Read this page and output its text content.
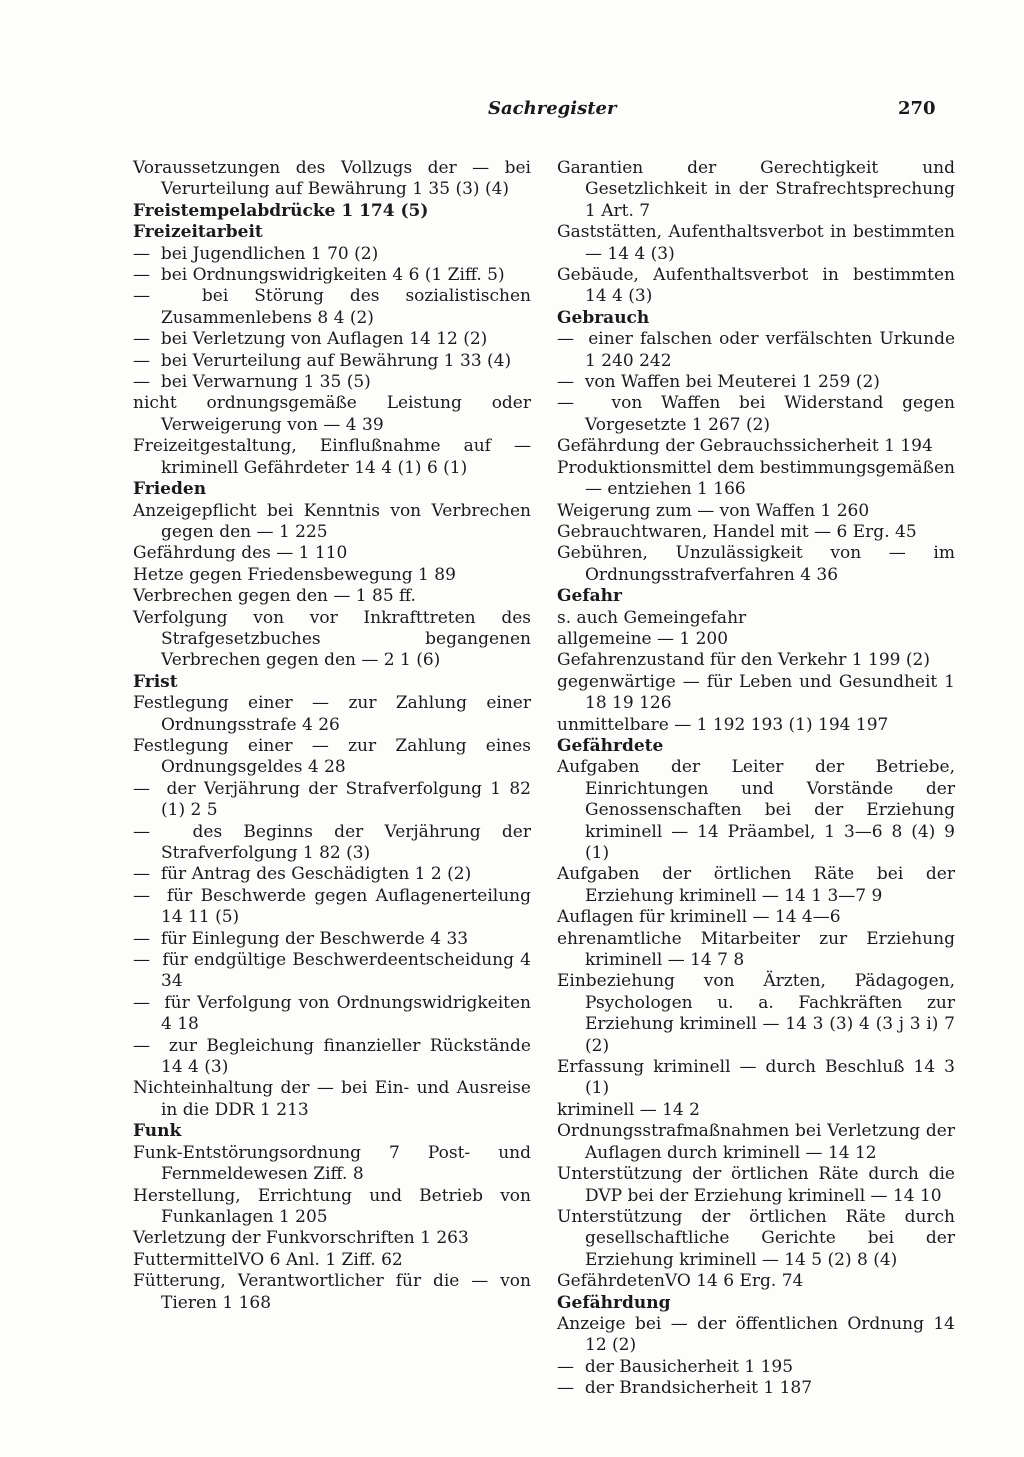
Sachregister	270

Voraussetzungen des Vollzugs der — bei Verurteilung auf Bewährung 1 35 (3) (4)

Freistempelabdrücke 1 174 (5)

Freizeitarbeit

—  bei Jugendlichen 1 70 (2)

—  bei Ordnungswidrigkeiten 4 6 (1 Ziff. 5)

—  bei Störung des sozialistischen Zusammenlebens 8 4 (2)

—  bei Verletzung von Auflagen 14 12 (2)

—  bei Verurteilung auf Bewährung 1 33 (4)

—  bei Verwarnung 1 35 (5)

nicht ordnungsgemäße Leistung oder Verweigerung von — 4 39

Freizeitgestaltung, Einflußnahme auf — kriminell Gefährdeter 14 4 (1) 6 (1)

Frieden

Anzeigepflicht bei Kenntnis von Verbrechen gegen den — 1 225

Gefährdung des — 1 110

Hetze gegen Friedensbewegung 1 89

Verbrechen gegen den — 1 85 ff.

Verfolgung von vor Inkrafttreten des Strafgesetzbuches begangenen Verbrechen gegen den — 2 1 (6)

Frist

Festlegung einer — zur Zahlung einer Ordnungsstrafe 4 26

Festlegung einer — zur Zahlung eines Ordnungsgeldes 4 28

—  der Verjährung der Strafverfolgung 1 82 (1) 2 5

—  des Beginns der Verjährung der Strafverfolgung 1 82 (3)

—  für Antrag des Geschädigten 1 2 (2)

—  für Beschwerde gegen Auflagenerteilung 14 11 (5)

—  für Einlegung der Beschwerde 4 33

—  für endgültige Beschwerdeentscheidung 4 34

—  für Verfolgung von Ordnungswidrigkeiten 4 18

—  zur Begleichung finanzieller Rückstände 14 4 (3)

Nichteinhaltung der — bei Ein- und Ausreise in die DDR 1 213

Funk

Funk-Entstörungsordnung 7 Post- und Fernmeldewesen Ziff. 8

Herstellung, Errichtung und Betrieb von Funkanlagen 1 205

Verletzung der Funkvorschriften 1 263

FuttermittelVO 6 Anl. 1 Ziff. 62

Fütterung, Verantwortlicher für die — von Tieren 1 168

Garantien der Gerechtigkeit und Gesetzlichkeit in der Strafrechtsprechung 1 Art. 7

Gaststätten, Aufenthaltsverbot in bestimmten — 14 4 (3)

Gebäude, Aufenthaltsverbot in bestimmten 14 4 (3)

Gebrauch

—  einer falschen oder verfälschten Urkunde 1 240 242

—  von Waffen bei Meuterei 1 259 (2)

—  von Waffen bei Widerstand gegen Vorgesetzte 1 267 (2)

Gefährdung der Gebrauchssicherheit 1 194

Produktionsmittel dem bestimmungsgemäßen — entziehen 1 166

Weigerung zum — von Waffen 1 260

Gebrauchtwaren, Handel mit — 6 Erg. 45

Gebühren, Unzulässigkeit von — im Ordnungsstrafverfahren 4 36

Gefahr

s. auch Gemeingefahr

allgemeine — 1 200

Gefahrenzustand für den Verkehr 1 199 (2)

gegenwärtige — für Leben und Gesundheit 1 18 19 126

unmittelbare — 1 192 193 (1) 194 197

Gefährdete

Aufgaben der Leiter der Betriebe, Einrichtungen und Vorstände der Genossenschaften bei der Erziehung kriminell — 14 Präambel, 1 3—6 8 (4) 9 (1)

Aufgaben der örtlichen Räte bei der Erziehung kriminell — 14 1 3—7 9

Auflagen für kriminell — 14 4—6

ehrenamtliche Mitarbeiter zur Erziehung kriminell — 14 7 8

Einbeziehung von Ärzten, Pädagogen, Psychologen u. a. Fachkräften zur Erziehung kriminell — 14 3 (3) 4 (3 j 3 i) 7 (2)

Erfassung kriminell — durch Beschluß 14 3 (1)

kriminell — 14 2

Ordnungsstrafmaßnahmen bei Verletzung der Auflagen durch kriminell — 14 12

Unterstützung der örtlichen Räte durch die DVP bei der Erziehung kriminell — 14 10

Unterstützung der örtlichen Räte durch gesellschaftliche Gerichte bei der Erziehung kriminell — 14 5 (2) 8 (4)

GefährdetenVO 14 6 Erg. 74

Gefährdung

Anzeige bei — der öffentlichen Ordnung 14 12 (2)

—  der Bausicherheit 1 195

—  der Brandsicherheit 1 187
